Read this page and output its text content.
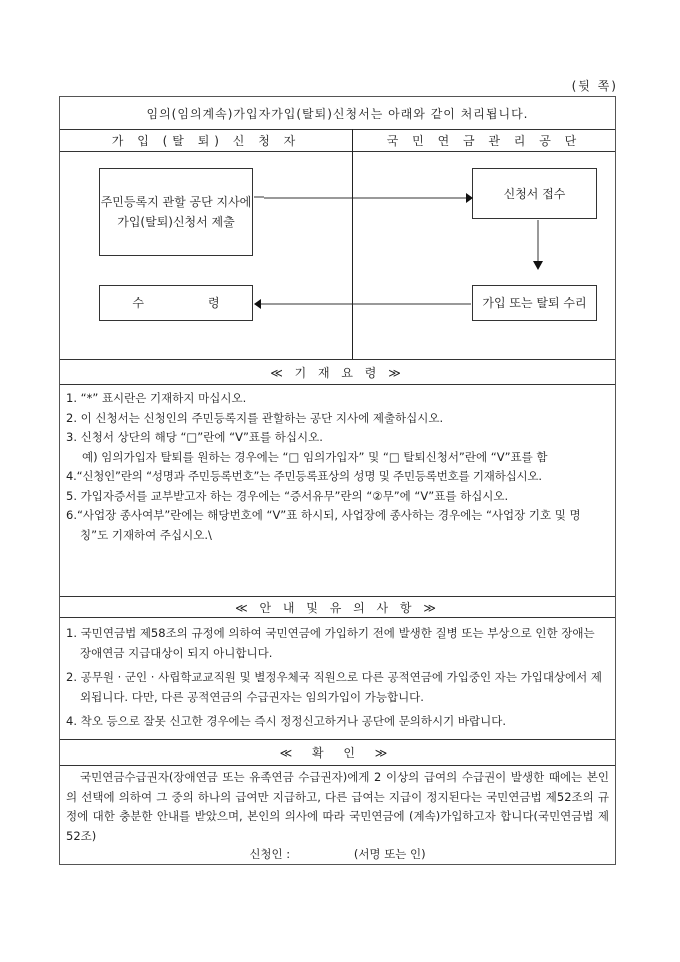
(뒷 쪽)
임의(임의계속)가입자가입(탈퇴)신청서는 아래와 같이 처리됩니다.
가 입 (탈 퇴) 신 청 자	국 민 연 금 관 리 공 단
주민등록지 관할 공단 지사에
가입(탈퇴)신청서 제출
수	령
신청서 접수
가입 또는 탈퇴 수리
≪ 기 재 요 령 ≫
1. “*” 표시란은 기재하지 마십시오.
2. 이 신청서는 신청인의 주민등록지를 관할하는 공단 지사에 제출하십시오.
3. 신청서 상단의 해당 “□”란에 “V”표를 하십시오.
예) 임의가입자 탈퇴를 원하는 경우에는 “□ 임의가입자” 및 “□ 탈퇴신청서”란에 “V”표를 함
4.“신청인”란의 “성명과 주민등록번호”는 주민등록표상의 성명 및 주민등록번호를 기재하십시오.
5. 가입자증서를 교부받고자 하는 경우에는 “증서유무”란의 “②무”에 “V”표를 하십시오.
6.“사업장 종사여부”란에는 해당번호에 “V”표 하시되, 사업장에 종사하는 경우에는 “사업장 기호 및 명칭”도 기재하여 주십시오.\
≪ 안 내 및 유 의 사 항 ≫
1. 국민연금법 제58조의 규정에 의하여 국민연금에 가입하기 전에 발생한 질병 또는 부상으로 인한 장애는 장애연금 지급대상이 되지 아니합니다.
2. 공무원 · 군인 · 사립학교교직원 및 별정우체국 직원으로 다른 공적연금에 가입중인 자는 가입대상에서 제외됩니다. 다만, 다른 공적연금의 수급권자는 임의가입이 가능합니다.
4. 착오 등으로 잘못 신고한 경우에는 즉시 정정신고하거나 공단에 문의하시기 바랍니다.
≪ 확 인 ≫
국민연금수급권자(장애연금 또는 유족연금 수급권자)에게 2 이상의 급여의 수급권이 발생한 때에는 본인의 선택에 의하여 그 중의 하나의 급여만 지급하고, 다른 급여는 지급이 정지된다는 국민연금법 제52조의 규정에 대한 충분한 안내를 받았으며, 본인의 의사에 따라 국민연금에 (계속)가입하고자 합니다(국민연금법 제52조)
신청인 :	(서명 또는 인)
